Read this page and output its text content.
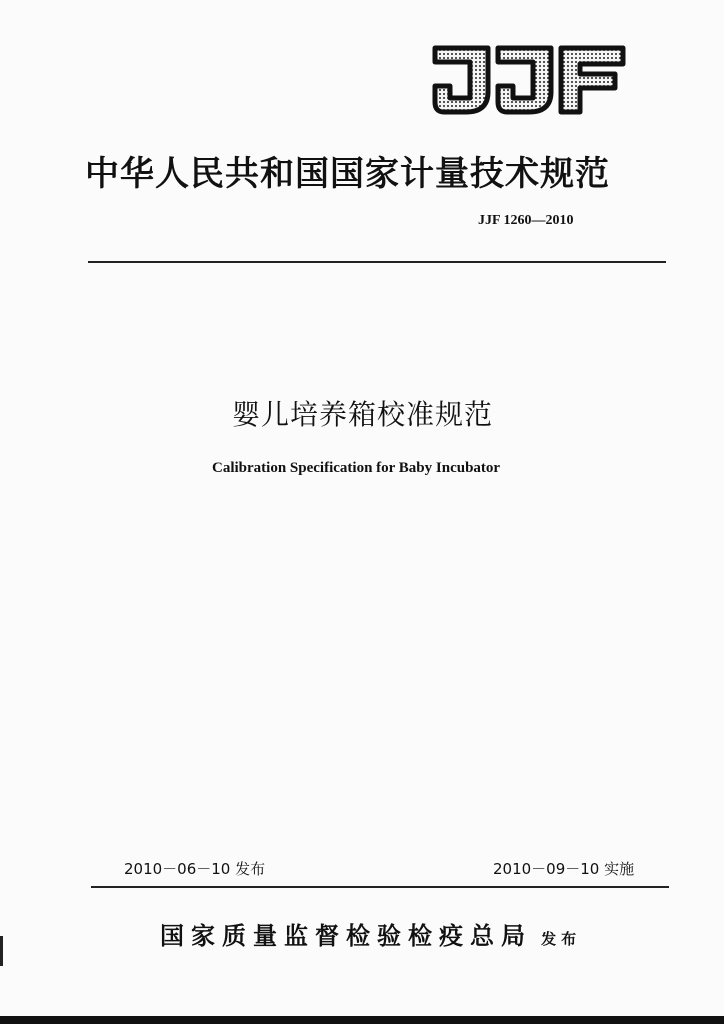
中华人民共和国国家计量技术规范
JJF 1260—2010
婴儿培养箱校准规范
Calibration Specification for Baby Incubator
2010－06－10 发布	2010－09－10 实施
国家质量监督检验检疫总局 发布
